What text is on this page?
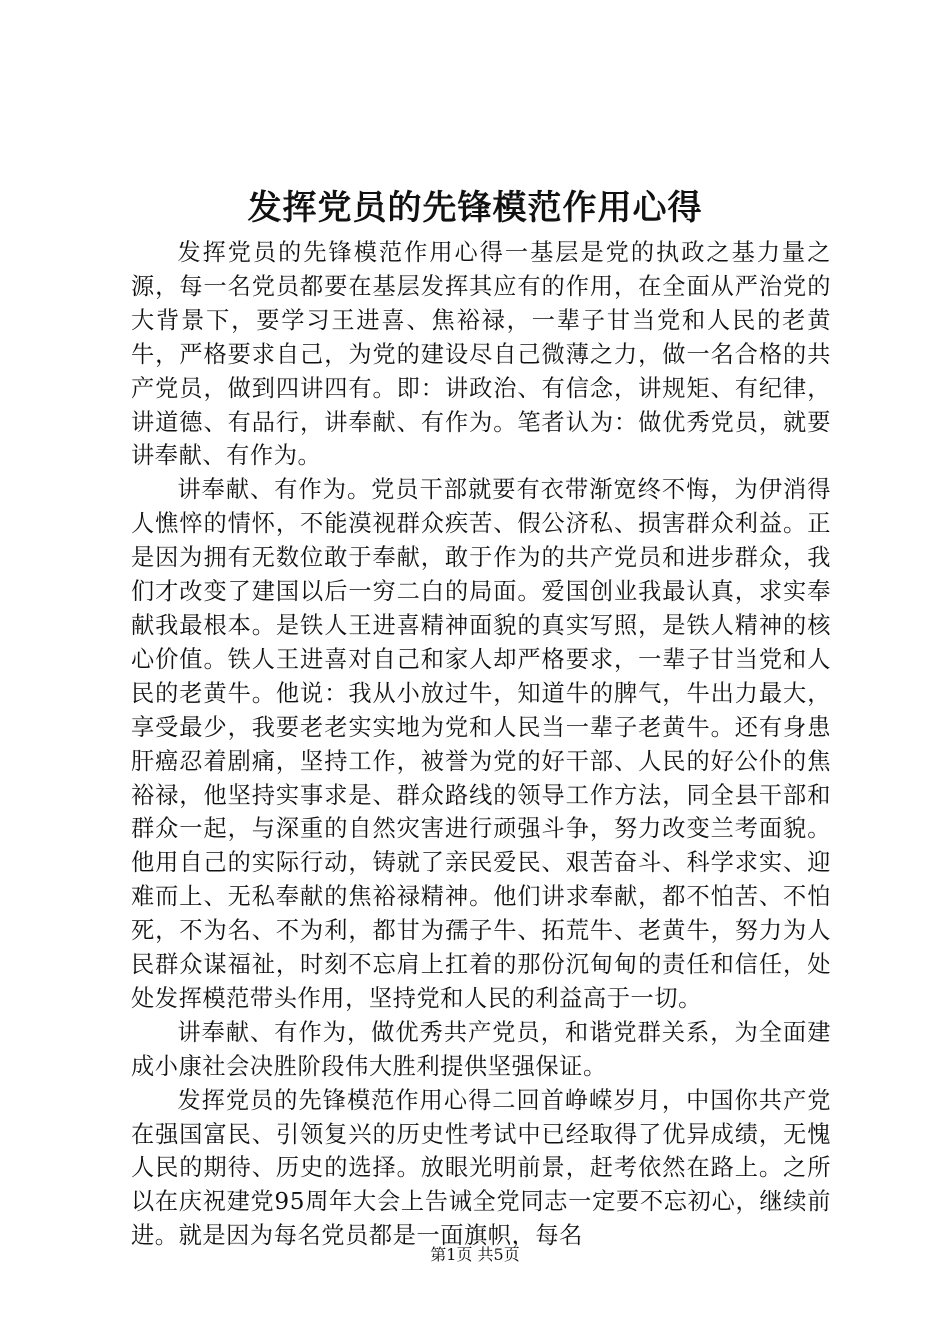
发挥党员的先锋模范作用心得

发挥党员的先锋模范作用心得一基层是党的执政之基力量之源，每一名党员都要在基层发挥其应有的作用，在全面从严治党的大背景下，要学习王进喜、焦裕禄，一辈子甘当党和人民的老黄牛，严格要求自己，为党的建设尽自己微薄之力，做一名合格的共产党员，做到四讲四有。即：讲政治、有信念，讲规矩、有纪律，讲道德、有品行，讲奉献、有作为。笔者认为：做优秀党员，就要讲奉献、有作为。

讲奉献、有作为。党员干部就要有衣带渐宽终不悔，为伊消得人憔悴的情怀，不能漠视群众疾苦、假公济私、损害群众利益。正是因为拥有无数位敢于奉献，敢于作为的共产党员和进步群众，我们才改变了建国以后一穷二白的局面。爱国创业我最认真，求实奉献我最根本。是铁人王进喜精神面貌的真实写照，是铁人精神的核心价值。铁人王进喜对自己和家人却严格要求，一辈子甘当党和人民的老黄牛。他说：我从小放过牛，知道牛的脾气，牛出力最大，享受最少，我要老老实实地为党和人民当一辈子老黄牛。还有身患肝癌忍着剧痛，坚持工作，被誉为党的好干部、人民的好公仆的焦裕禄，他坚持实事求是、群众路线的领导工作方法，同全县干部和群众一起，与深重的自然灾害进行顽强斗争，努力改变兰考面貌。他用自己的实际行动，铸就了亲民爱民、艰苦奋斗、科学求实、迎难而上、无私奉献的焦裕禄精神。他们讲求奉献，都不怕苦、不怕死，不为名、不为利，都甘为孺子牛、拓荒牛、老黄牛，努力为人民群众谋福祉，时刻不忘肩上扛着的那份沉甸甸的责任和信任，处处发挥模范带头作用，坚持党和人民的利益高于一切。

讲奉献、有作为，做优秀共产党员，和谐党群关系，为全面建成小康社会决胜阶段伟大胜利提供坚强保证。

发挥党员的先锋模范作用心得二回首峥嵘岁月，中国你共产党在强国富民、引领复兴的历史性考试中已经取得了优异成绩，无愧人民的期待、历史的选择。放眼光明前景，赶考依然在路上。之所以在庆祝建党95周年大会上告诫全党同志一定要不忘初心，继续前进。就是因为每名党员都是一面旗帜，每名

第1页 共5页
